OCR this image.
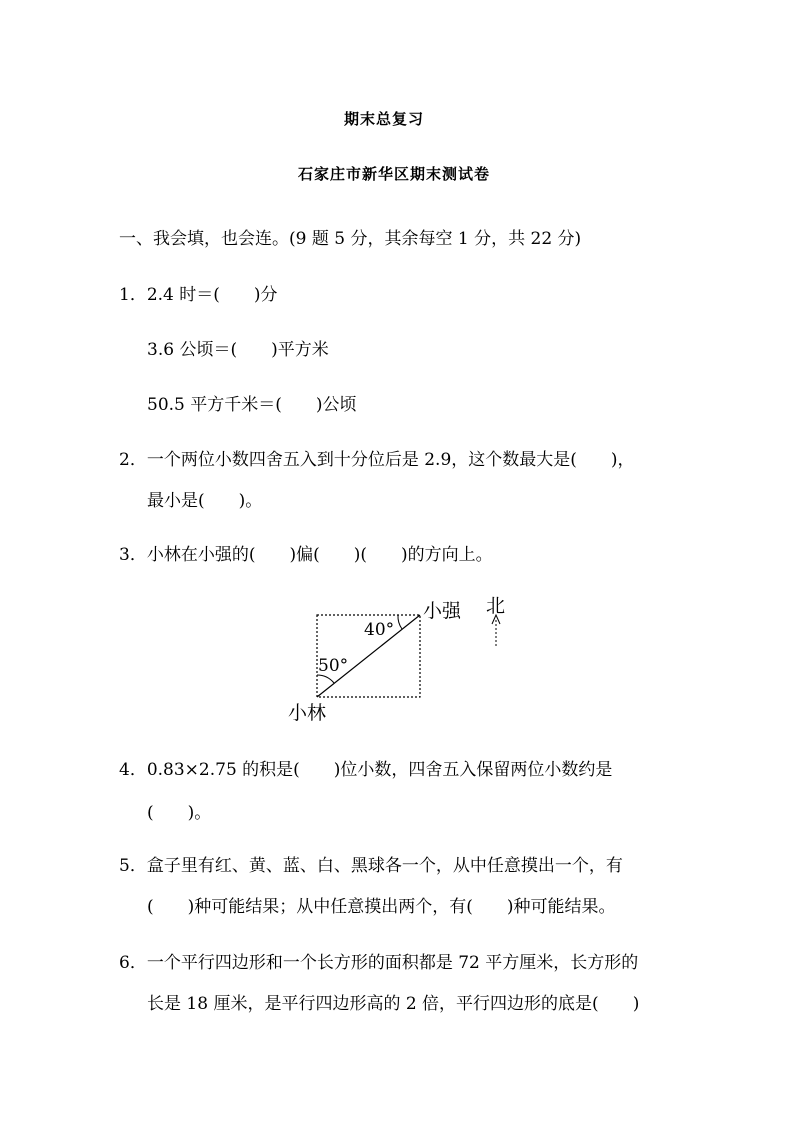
期末总复习
石家庄市新华区期末测试卷
一、我会填，也会连。(9 题 5 分，其余每空 1 分，共 22 分)
1．2.4 时＝(　　)分
3.6 公顷＝(　　)平方米
50.5 平方千米＝(　　)公顷
2．一个两位小数四舍五入到十分位后是 2.9，这个数最大是(　　)，
最小是(　　)。
3．小林在小强的(　　)偏(　　)(　　)的方向上。
小强
小林
北
40°
50°
4．0.83×2.75 的积是(　　)位小数，四舍五入保留两位小数约是
(　　)。
5．盒子里有红、黄、蓝、白、黑球各一个，从中任意摸出一个，有
(　　)种可能结果；从中任意摸出两个，有(　　)种可能结果。
6．一个平行四边形和一个长方形的面积都是 72 平方厘米，长方形的
长是 18 厘米，是平行四边形高的 2 倍，平行四边形的底是(　　)
